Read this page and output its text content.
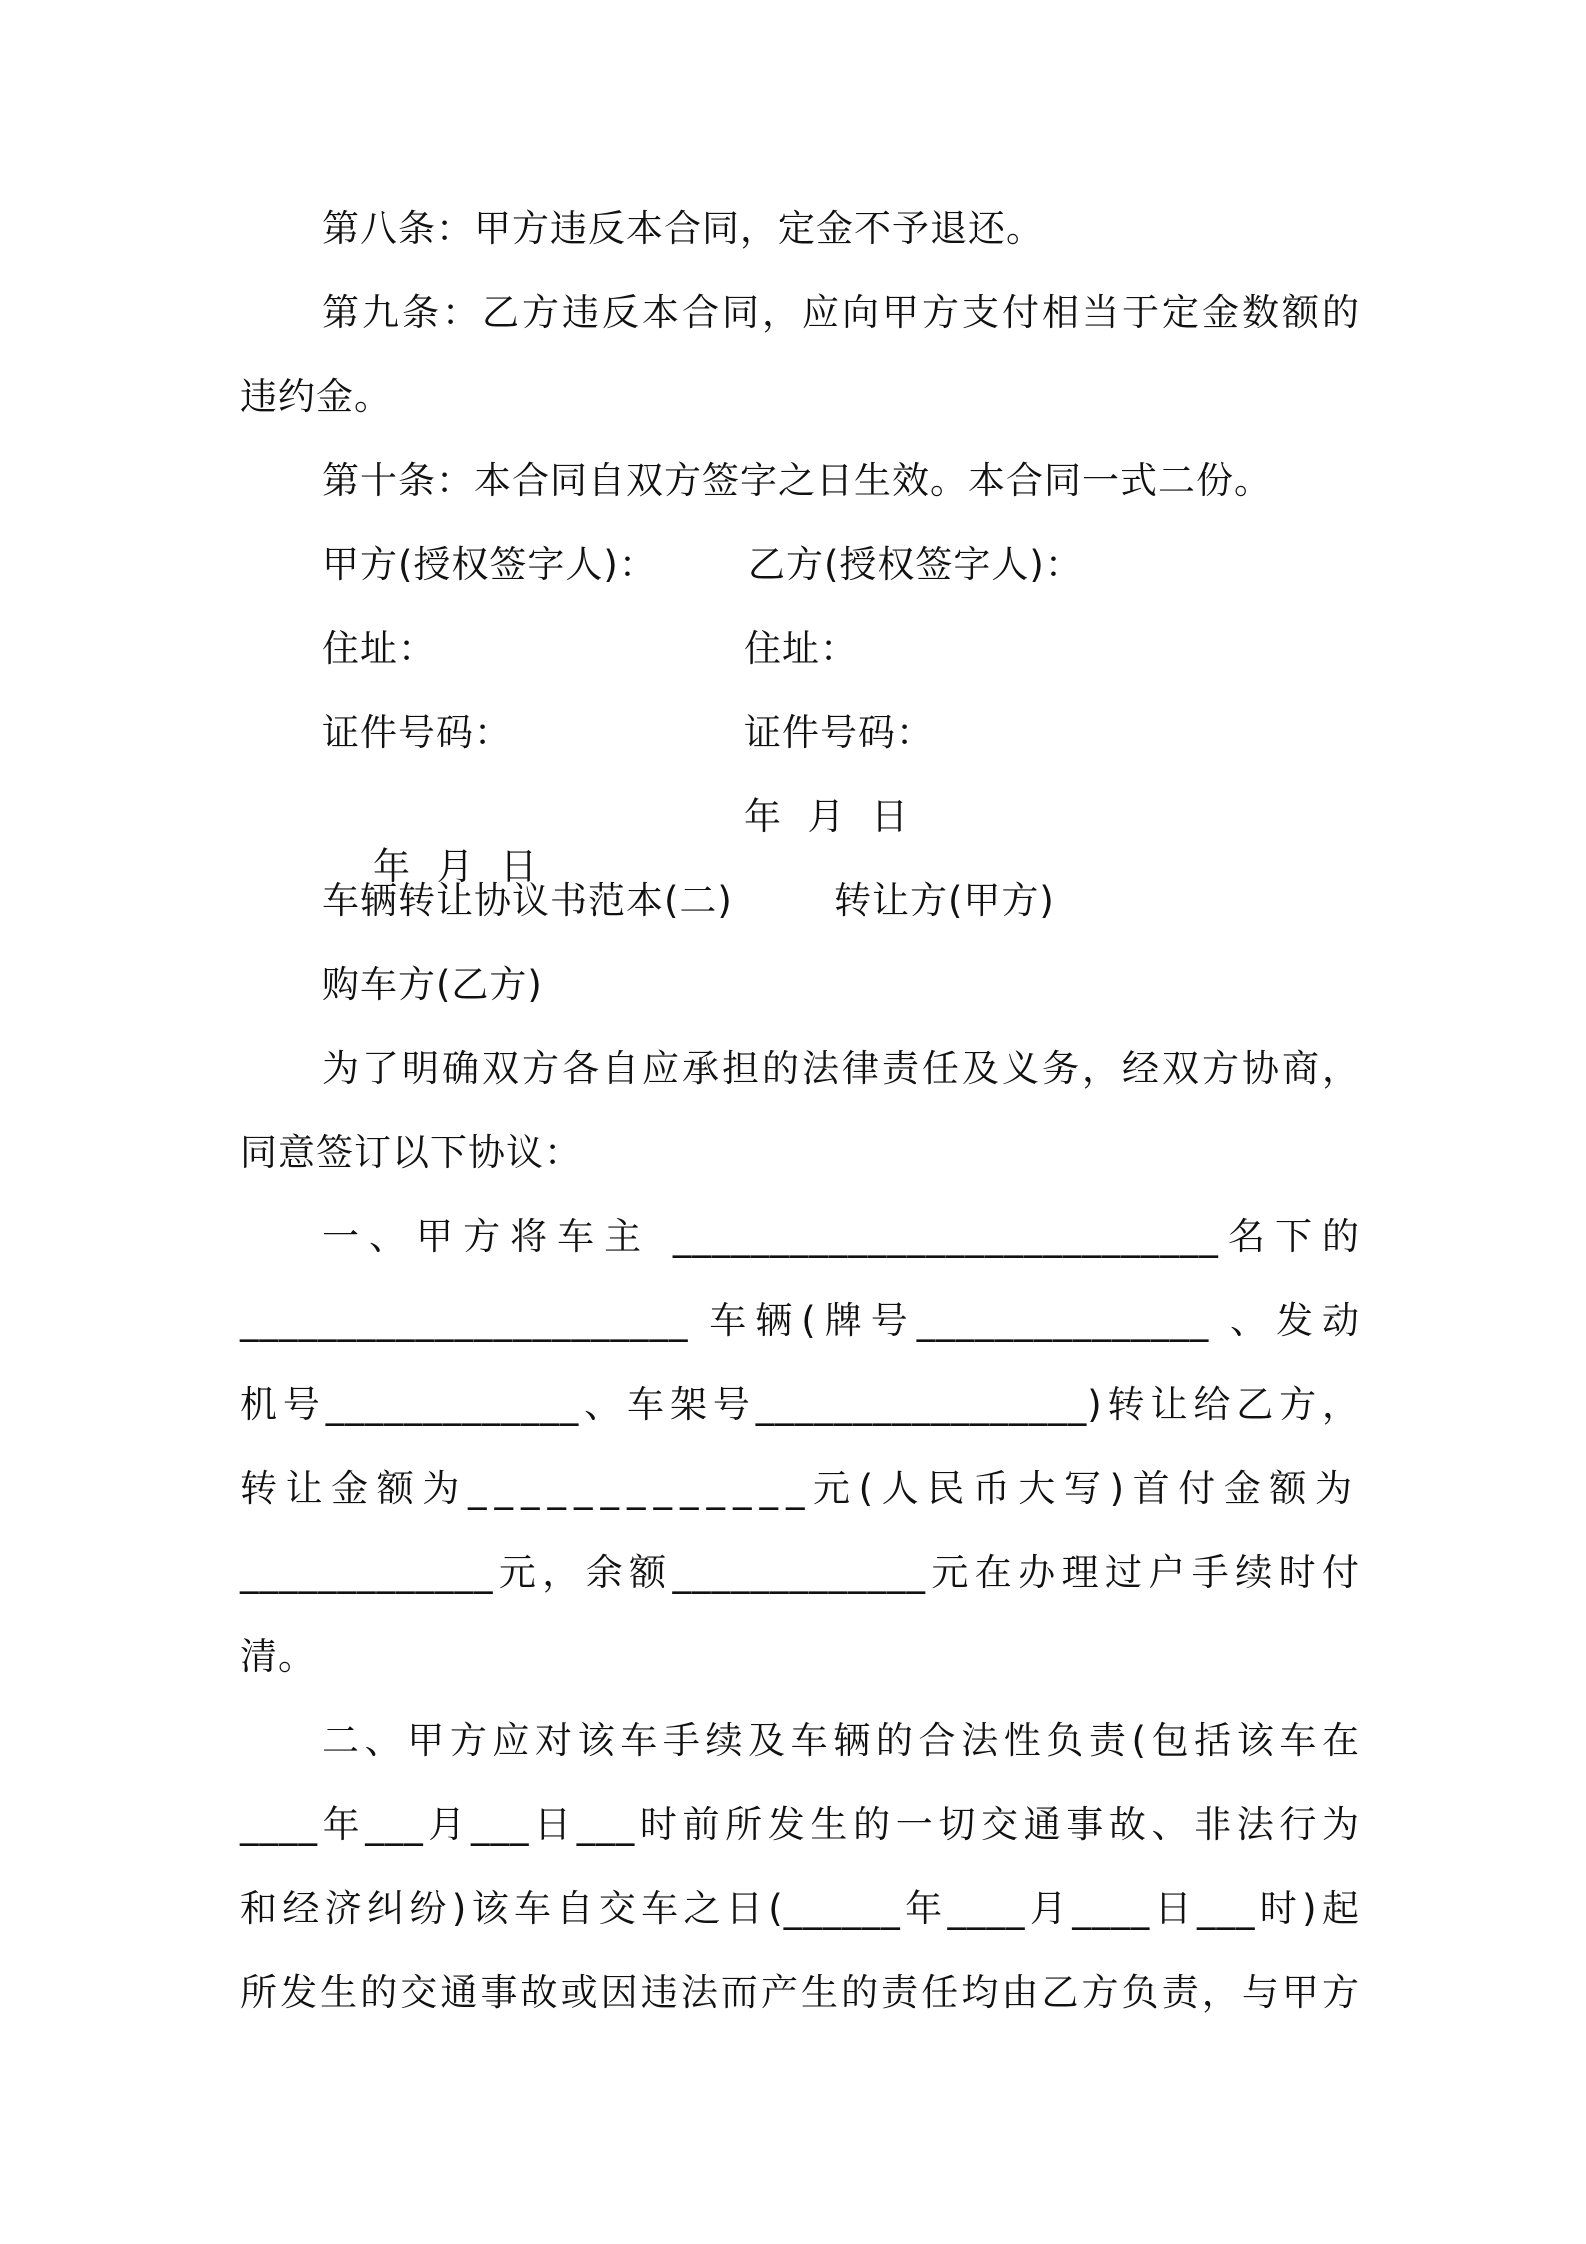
第八条：甲方违反本合同，定金不予退还。
第九条：乙方违反本合同，应向甲方支付相当于定金数额的
违约金。
第十条：本合同自双方签字之日生效。本合同一式二份。
甲方(授权签字人)： 乙方(授权签字人)：
住址：	住址：
证件号码：	证件号码：

年  月  日

年  月  日

车辆转让协议书范本(二)	转让方(甲方)
购车方(乙方)
为了明确双方各自应承担的法律责任及义务，经双方协商，
同意签订以下协议：
一、甲方将车主 ____________________________名下的
_______________________ 车辆(牌号_______________ 、发动
机号_____________、车架号_________________)转让给乙方，
转让金额为_____________元(人民币大写)首付金额为
_____________元，余额_____________元在办理过户手续时付
清。
二、甲方应对该车手续及车辆的合法性负责(包括该车在
____年___月___日___时前所发生的一切交通事故、非法行为
和经济纠纷)该车自交车之日(______年____月____日___时)起
所发生的交通事故或因违法而产生的责任均由乙方负责，与甲方
